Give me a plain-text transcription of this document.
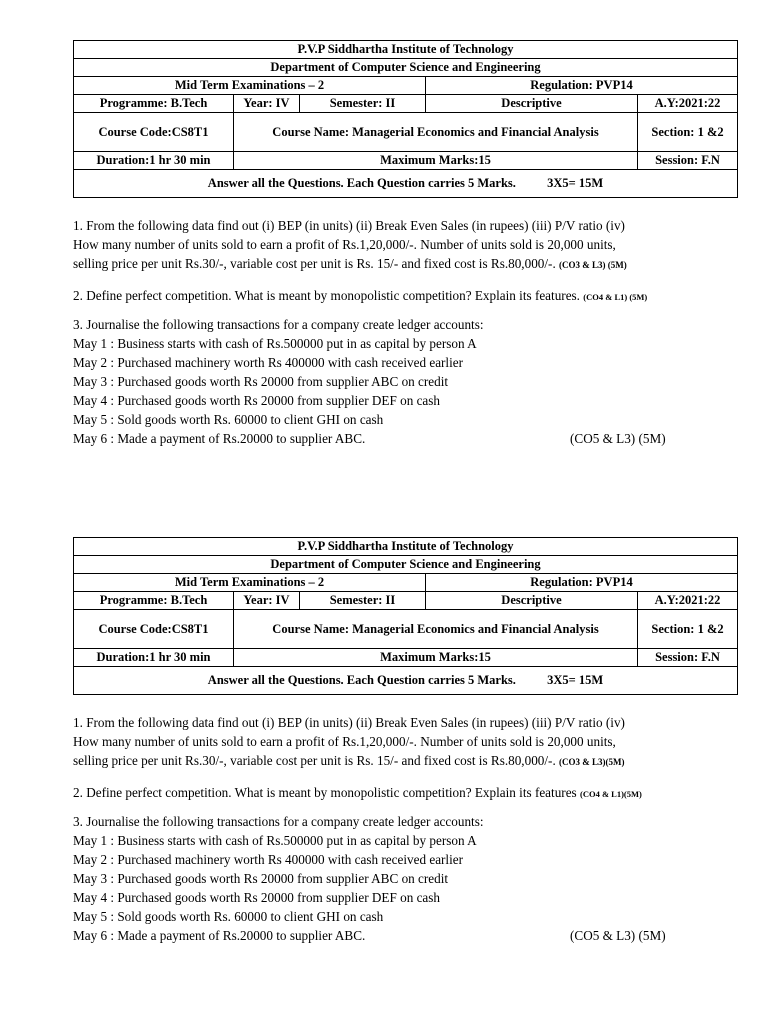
P.V.P Siddhartha Institute of Technology				
Department of Computer Science and Engineering				
Mid Term Examinations – 2			Regulation: PVP14	
Programme: B.Tech	Year: IV	Semester: II	Descriptive	A.Y:2021:22
Course Code:CS8T1	Course Name: Managerial Economics and Financial Analysis			Section: 1 &2
Duration:1 hr 30 min	Maximum Marks:15			Session: F.N
Answer all the Questions. Each Question carries 5 Marks. 3X5= 15M				
1. From the following data find out (i) BEP (in units) (ii) Break Even Sales (in rupees) (iii) P/V ratio (iv)
How many number of units sold to earn a profit of Rs.1,20,000/-. Number of units sold is 20,000 units,
selling price per unit Rs.30/-, variable cost per unit is Rs. 15/- and fixed cost is Rs.80,000/-. (CO3 & L3) (5M)
2. Define perfect competition. What is meant by monopolistic competition? Explain its features. (CO4 & L1) (5M)
3. Journalise the following transactions for a company create ledger accounts:
May 1 : Business starts with cash of Rs.500000 put in as capital by person A
May 2 : Purchased machinery worth Rs 400000 with cash received earlier
May 3 : Purchased goods worth Rs 20000 from supplier ABC on credit
May 4 : Purchased goods worth Rs 20000 from supplier DEF on cash
May 5 : Sold goods worth Rs. 60000 to client GHI on cash
May 6 : Made a payment of Rs.20000 to supplier ABC.	(CO5 & L3) (5M)
P.V.P Siddhartha Institute of Technology				
Department of Computer Science and Engineering				
Mid Term Examinations – 2			Regulation: PVP14	
Programme: B.Tech	Year: IV	Semester: II	Descriptive	A.Y:2021:22
Course Code:CS8T1	Course Name: Managerial Economics and Financial Analysis			Section: 1 &2
Duration:1 hr 30 min	Maximum Marks:15			Session: F.N
Answer all the Questions. Each Question carries 5 Marks. 3X5= 15M				
1. From the following data find out (i) BEP (in units) (ii) Break Even Sales (in rupees) (iii) P/V ratio (iv)
How many number of units sold to earn a profit of Rs.1,20,000/-. Number of units sold is 20,000 units,
selling price per unit Rs.30/-, variable cost per unit is Rs. 15/- and fixed cost is Rs.80,000/-. (CO3 & L3)(5M)
2. Define perfect competition. What is meant by monopolistic competition? Explain its features (CO4 & L1)(5M)
3. Journalise the following transactions for a company create ledger accounts:
May 1 : Business starts with cash of Rs.500000 put in as capital by person A
May 2 : Purchased machinery worth Rs 400000 with cash received earlier
May 3 : Purchased goods worth Rs 20000 from supplier ABC on credit
May 4 : Purchased goods worth Rs 20000 from supplier DEF on cash
May 5 : Sold goods worth Rs. 60000 to client GHI on cash
May 6 : Made a payment of Rs.20000 to supplier ABC.	(CO5 & L3) (5M)
